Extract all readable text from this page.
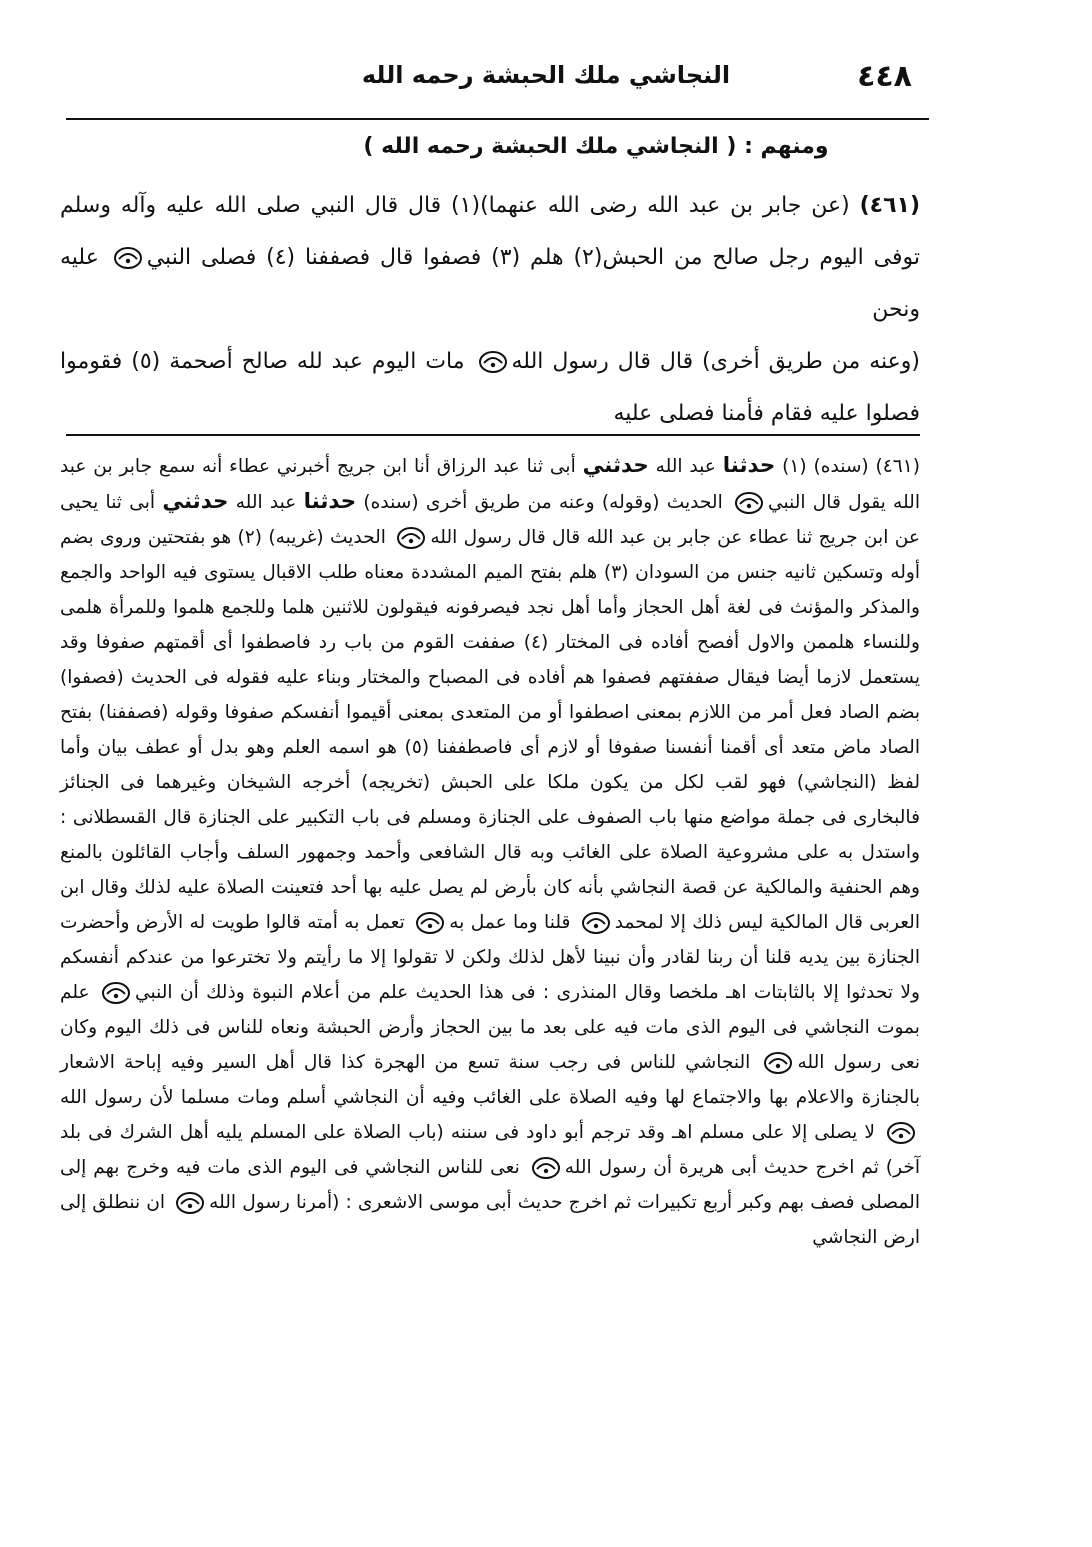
٤٤٨
النجاشي ملك الحبشة رحمه الله
ومنهم : ( النجاشي ملك الحبشة رحمه الله )

(٤٦١) (عن جابر بن عبد الله رضى الله عنهما)(١) قال قال النبي صلى الله عليه وآله وسلم توفى اليوم رجل صالح من الحبش(٢) هلم (٣) فصفوا قال فصففنا (٤) فصلى النبي
عليه ونحن

(وعنه من طريق أخرى) قال قال رسول الله
مات اليوم عبد لله صالح أصحمة (٥) فقوموا فصلوا عليه فقام فأمنا فصلى عليه

(٤٦١) (سنده) (١) حدثنا عبد الله حدثني أبى ثنا عبد الرزاق أنا ابن جريج أخبرني عطاء أنه سمع جابر بن عبد الله يقول قال النبي
الحديث (وقوله) وعنه من طريق أخرى (سنده) حدثنا عبد الله حدثني أبى ثنا يحيى عن ابن جريج ثنا عطاء عن جابر بن عبد الله قال قال رسول الله
الحديث (غريبه) (٢) هو بفتحتين وروى بضم أوله وتسكين ثانيه جنس من السودان (٣) هلم بفتح الميم المشددة معناه طلب الاقبال يستوى فيه الواحد والجمع والمذكر والمؤنث فى لغة أهل الحجاز وأما أهل نجد فيصرفونه فيقولون للاثنين هلما وللجمع هلموا وللمرأة هلمى وللنساء هلممن والاول أفصح أفاده فى المختار (٤) صففت القوم من باب رد فاصطفوا أى أقمتهم صفوفا وقد يستعمل لازما أيضا فيقال صففتهم فصفوا هم أفاده فى المصباح والمختار وبناء عليه فقوله فى الحديث (فصفوا) بضم الصاد فعل أمر من اللازم بمعنى اصطفوا أو من المتعدى بمعنى أقيموا أنفسكم صفوفا وقوله (فصففنا) بفتح الصاد ماض متعد أى أقمنا أنفسنا صفوفا أو لازم أى فاصطففنا (٥) هو اسمه العلم وهو بدل أو عطف بيان وأما لفظ (النجاشي) فهو لقب لكل من يكون ملكا على الحبش (تخريجه) أخرجه الشيخان وغيرهما فى الجنائز فالبخارى فى جملة مواضع منها باب الصفوف على الجنازة ومسلم فى باب التكبير على الجنازة قال القسطلانى : واستدل به على مشروعية الصلاة على الغائب وبه قال الشافعى وأحمد وجمهور السلف وأجاب القائلون بالمنع وهم الحنفية والمالكية عن قصة النجاشي بأنه كان بأرض لم يصل عليه بها أحد فتعينت الصلاة عليه لذلك وقال ابن العربى قال المالكية ليس ذلك إلا لمحمد
قلنا وما عمل به
تعمل به أمته قالوا طويت له الأرض وأحضرت الجنازة بين يديه قلنا أن ربنا لقادر وأن نبينا لأهل لذلك ولكن لا تقولوا إلا ما رأيتم ولا تخترعوا من عندكم أنفسكم ولا تحدثوا إلا بالثابتات اهـ ملخصا وقال المنذرى : فى هذا الحديث علم من أعلام النبوة وذلك أن النبي
علم بموت النجاشي فى اليوم الذى مات فيه على بعد ما بين الحجاز وأرض الحبشة ونعاه للناس فى ذلك اليوم وكان نعى رسول الله
النجاشي للناس فى رجب سنة تسع من الهجرة كذا قال أهل السير وفيه إباحة الاشعار بالجنازة والاعلام بها والاجتماع لها وفيه الصلاة على الغائب وفيه أن النجاشي أسلم ومات مسلما لأن رسول الله
لا يصلى إلا على مسلم اهـ وقد ترجم أبو داود فى سننه (باب الصلاة على المسلم يليه أهل الشرك فى بلد آخر) ثم اخرج حديث أبى هريرة أن رسول الله
نعى للناس النجاشي فى اليوم الذى مات فيه وخرج بهم إلى المصلى فصف بهم وكبر أربع تكبيرات ثم اخرج حديث أبى موسى الاشعرى : (أمرنا رسول الله
ان ننطلق إلى ارض النجاشي
